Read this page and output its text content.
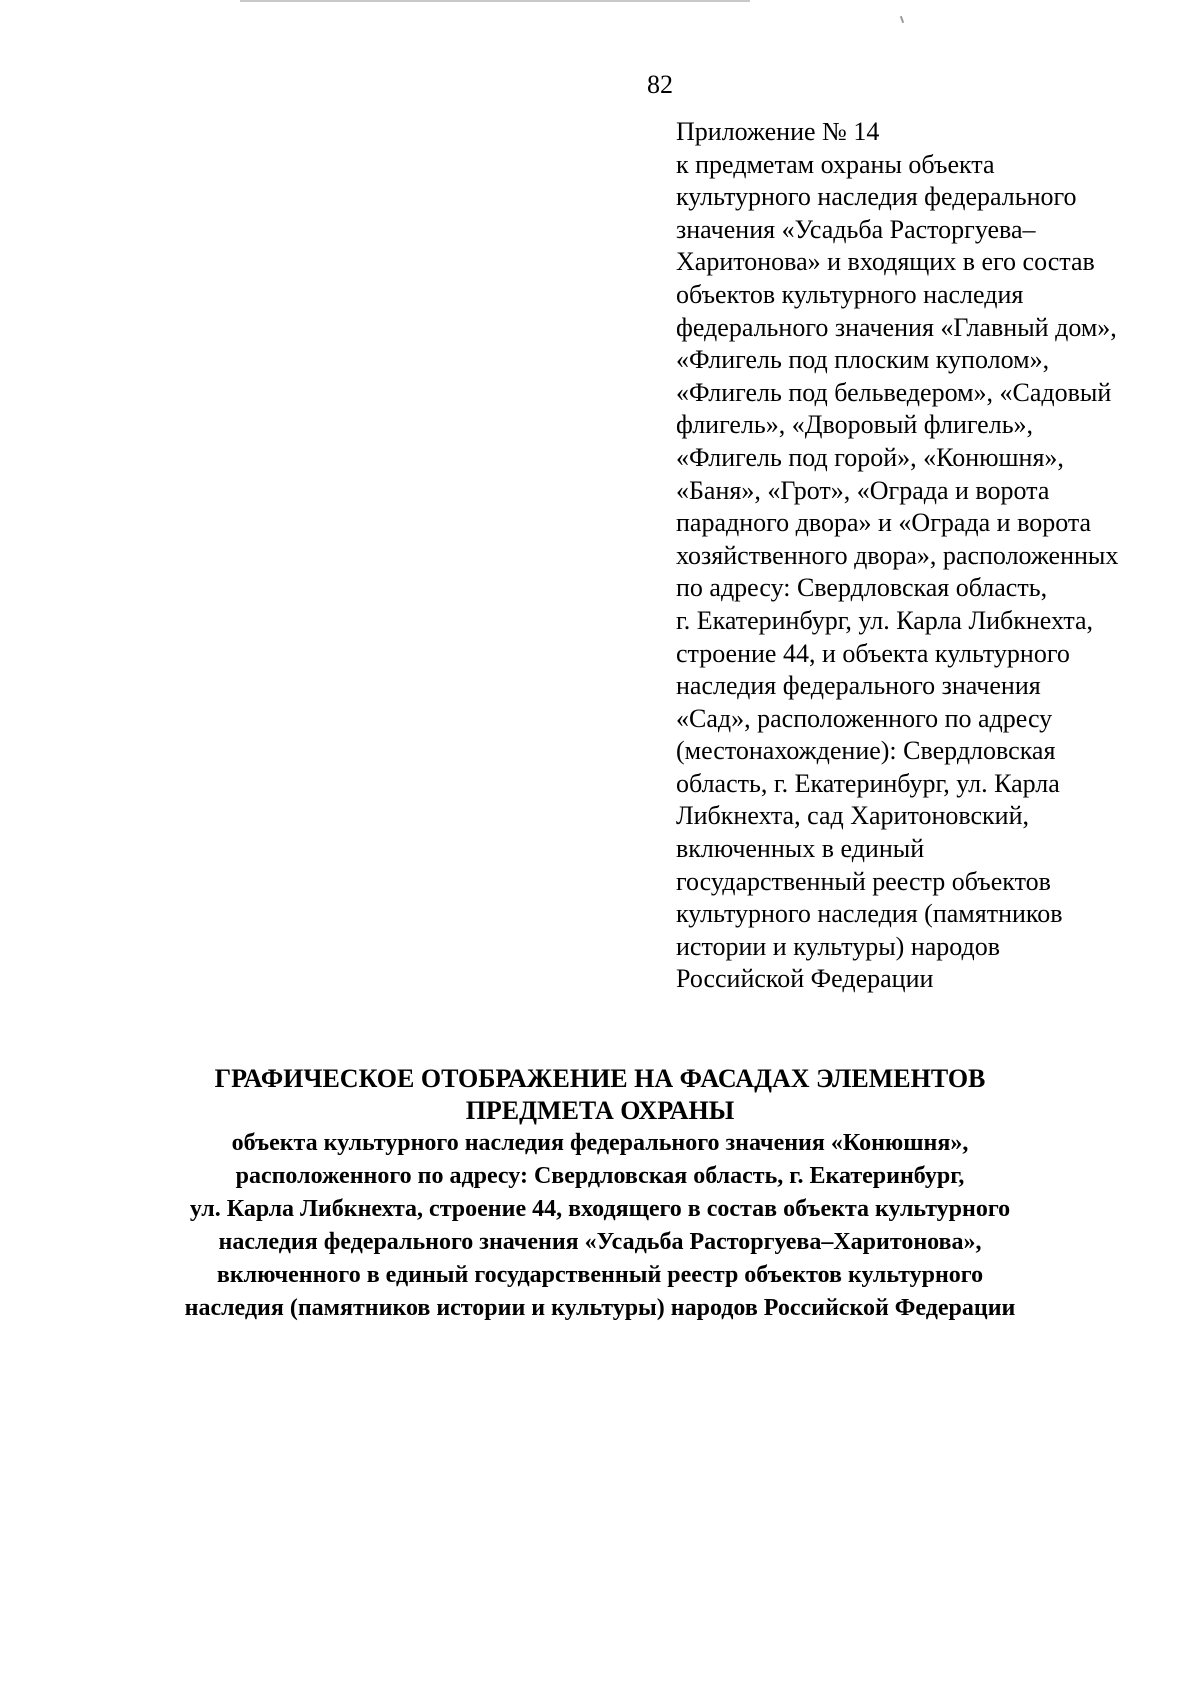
82
Приложение № 14
к предметам охраны объекта
культурного наследия федерального
значения «Усадьба Расторгуева–
Харитонова» и входящих в его состав
объектов культурного наследия
федерального значения «Главный дом»,
«Флигель под плоским куполом»,
«Флигель под бельведером», «Садовый
флигель», «Дворовый флигель»,
«Флигель под горой», «Конюшня»,
«Баня», «Грот», «Ограда и ворота
парадного двора» и «Ограда и ворота
хозяйственного двора», расположенных
по адресу: Свердловская область,
г. Екатеринбург, ул. Карла Либкнехта,
строение 44, и объекта культурного
наследия федерального значения
«Сад», расположенного по адресу
(местонахождение): Свердловская
область, г. Екатеринбург, ул. Карла
Либкнехта, сад Харитоновский,
включенных в единый
государственный реестр объектов
культурного наследия (памятников
истории и культуры) народов
Российской Федерации
ГРАФИЧЕСКОЕ ОТОБРАЖЕНИЕ НА ФАСАДАХ ЭЛЕМЕНТОВ
ПРЕДМЕТА ОХРАНЫ
объекта культурного наследия федерального значения «Конюшня»,
расположенного по адресу: Свердловская область, г. Екатеринбург,
ул. Карла Либкнехта, строение 44, входящего в состав объекта культурного
наследия федерального значения «Усадьба Расторгуева–Харитонова»,
включенного в единый государственный реестр объектов культурного
наследия (памятников истории и культуры) народов Российской Федерации
